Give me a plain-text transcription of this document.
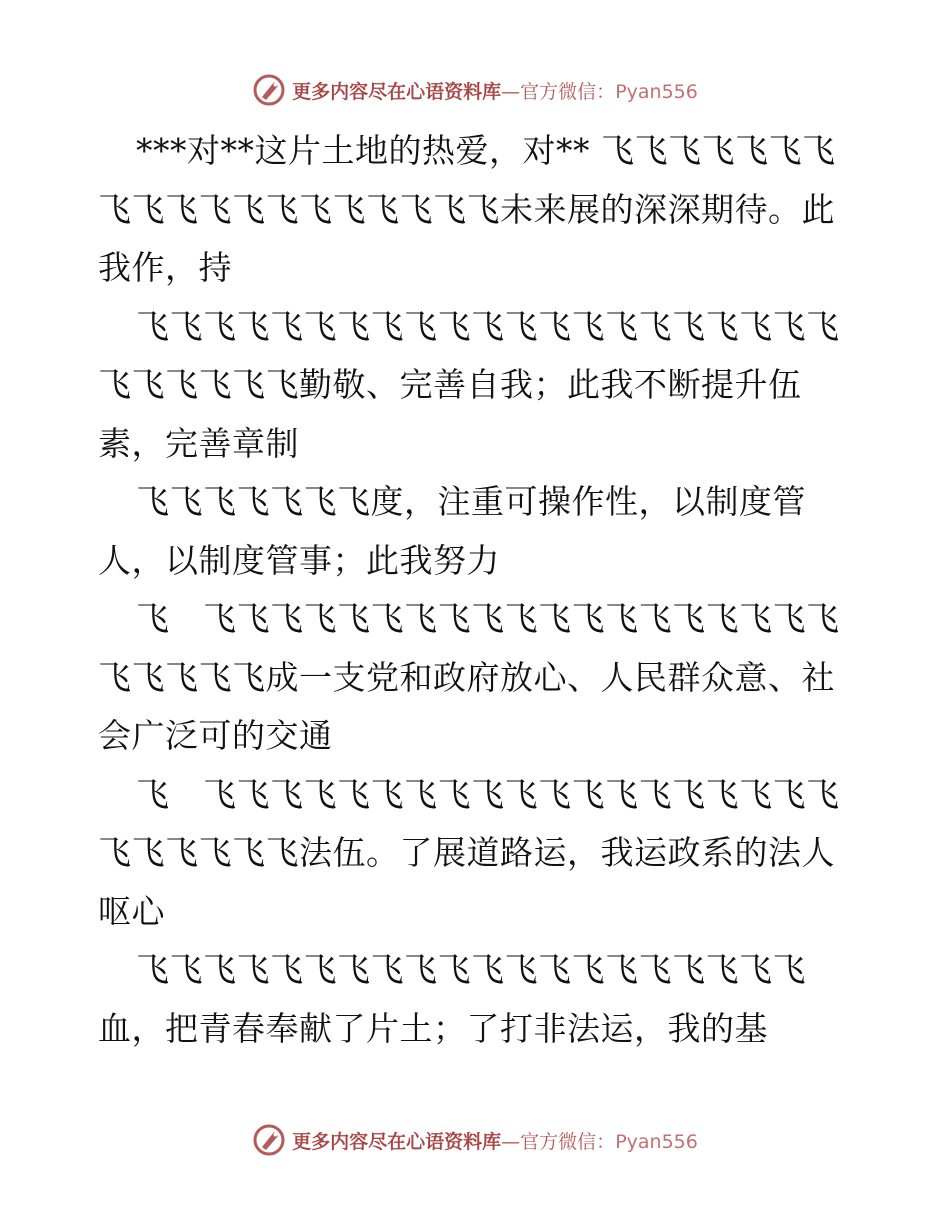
更多内容尽在心语资料库—官方微信：Pyan556

***对**这片土地的热爱，对** 飞飞飞飞飞飞飞飞飞飞飞飞飞飞飞飞飞飞飞未来展的深深期待。此我作，持

飞飞飞飞飞飞飞飞飞飞飞飞飞飞飞飞飞飞飞飞飞飞飞飞飞飞飞勤敬、完善自我；此我不断提升伍素，完善章制

飞飞飞飞飞飞飞度，注重可操作性，以制度管人，以制度管事；此我努力

飞　飞飞飞飞飞飞飞飞飞飞飞飞飞飞飞飞飞飞飞飞飞飞飞飞成一支党和政府放心、人民群众意、社会广泛可的交通

飞　飞飞飞飞飞飞飞飞飞飞飞飞飞飞飞飞飞飞飞飞飞飞飞飞飞法伍。了展道路运，我运政系的法人呕心

飞飞飞飞飞飞飞飞飞飞飞飞飞飞飞飞飞飞飞飞血，把青春奉献了片土；了打非法运，我的基

更多内容尽在心语资料库—官方微信：Pyan556
